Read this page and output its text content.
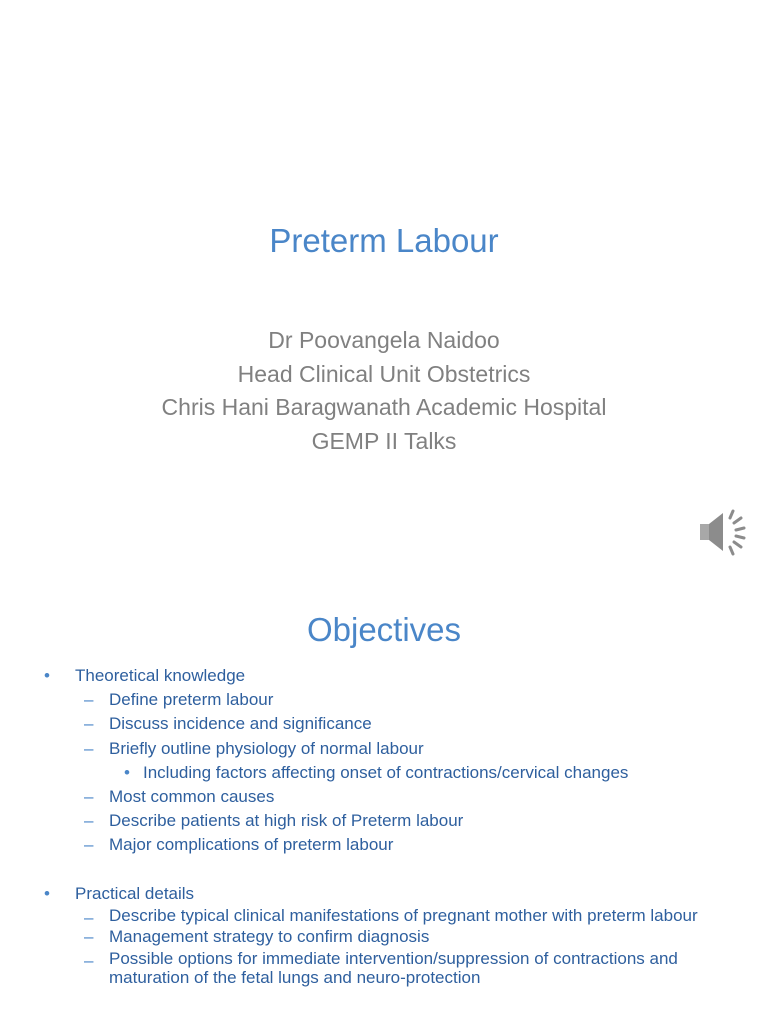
Preterm Labour
Dr Poovangela Naidoo
Head Clinical Unit Obstetrics
Chris Hani Baragwanath Academic Hospital
GEMP II Talks
Objectives
• Theoretical knowledge
– Define preterm labour
– Discuss incidence and significance
– Briefly outline physiology of normal labour
• Including factors affecting onset of contractions/cervical changes
– Most common causes
– Describe patients at high risk of Preterm labour
– Major complications of preterm labour
• Practical details
– Describe typical clinical manifestations of pregnant mother with preterm labour
– Management strategy to confirm diagnosis
– Possible options for immediate intervention/suppression of contractions and maturation of the fetal lungs and neuro-protection
